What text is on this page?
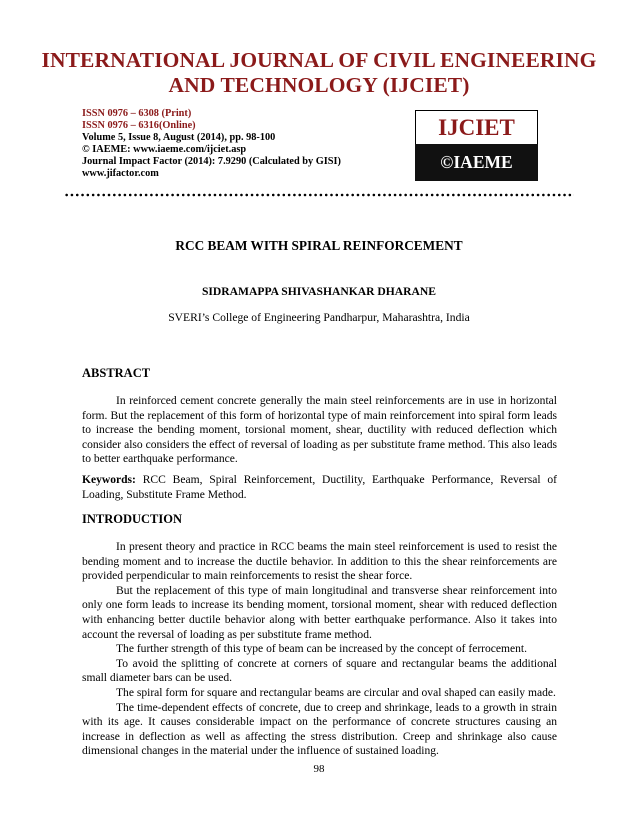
INTERNATIONAL JOURNAL OF CIVIL ENGINEERING
AND TECHNOLOGY (IJCIET)
ISSN 0976 – 6308 (Print)
ISSN 0976 – 6316(Online)
Volume 5, Issue 8, August (2014), pp. 98-100
© IAEME: www.iaeme.com/ijciet.asp
Journal Impact Factor (2014): 7.9290 (Calculated by GISI)
www.jifactor.com
IJCIET
©IAEME
RCC BEAM WITH SPIRAL REINFORCEMENT
SIDRAMAPPA SHIVASHANKAR DHARANE
SVERI’s College of Engineering Pandharpur, Maharashtra, India
ABSTRACT

In reinforced cement concrete generally the main steel reinforcements are in use in horizontal form. But the replacement of this form of horizontal type of main reinforcement into spiral form leads to increase the bending moment, torsional moment, shear, ductility with reduced deflection which consider also considers the effect of reversal of loading as per substitute frame method. This also leads to better earthquake performance.

Keywords: RCC Beam, Spiral Reinforcement, Ductility, Earthquake Performance, Reversal of Loading, Substitute Frame Method.
INTRODUCTION

In present theory and practice in RCC beams the main steel reinforcement is used to resist the bending moment and to increase the ductile behavior. In addition to this the shear reinforcements are provided perpendicular to main reinforcements to resist the shear force.

But the replacement of this type of main longitudinal and transverse shear reinforcement into only one form leads to increase its bending moment, torsional moment, shear with reduced deflection with enhancing better ductile behavior along with better earthquake performance. Also it takes into account the reversal of loading as per substitute frame method.

The further strength of this type of beam can be increased by the concept of ferrocement.

To avoid the splitting of concrete at corners of square and rectangular beams the additional small diameter bars can be used.

The spiral form for square and rectangular beams are circular and oval shaped can easily made.

The time-dependent effects of concrete, due to creep and shrinkage, leads to a growth in strain with its age. It causes considerable impact on the performance of concrete structures causing an increase in deflection as well as affecting the stress distribution. Creep and shrinkage also cause dimensional changes in the material under the influence of sustained loading.

98
